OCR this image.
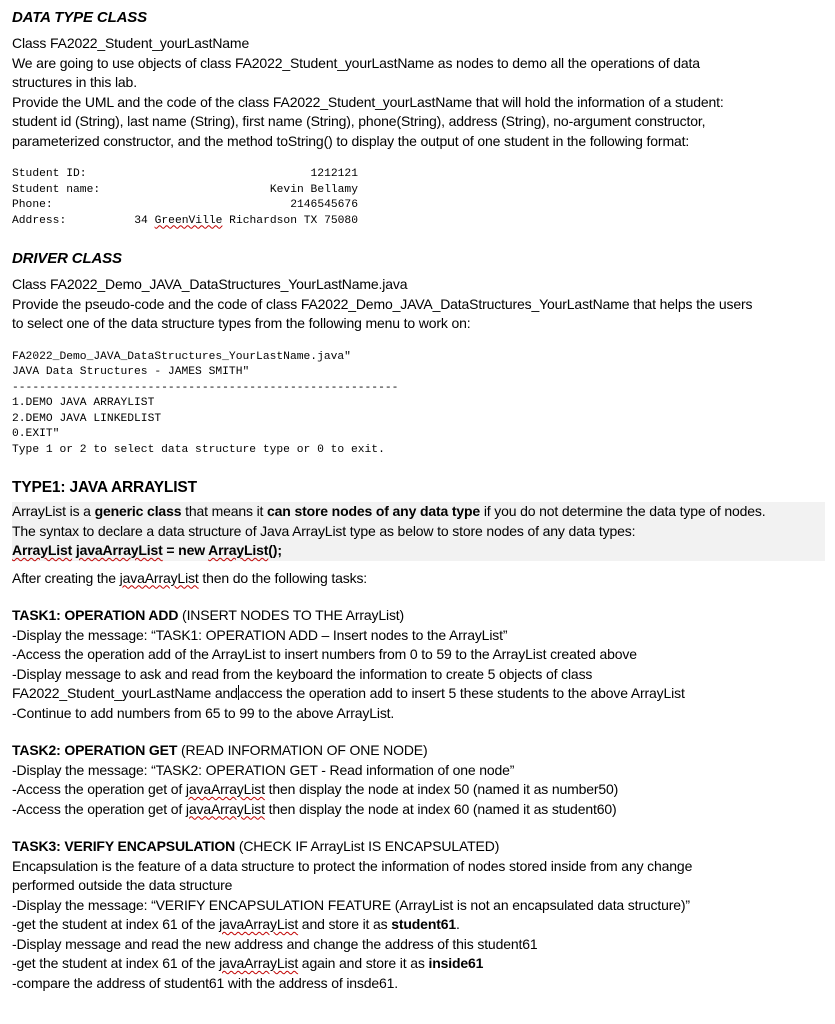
DATA TYPE CLASS

Class FA2022_Student_yourLastName

We are going to use objects of class FA2022_Student_yourLastName as nodes to demo all the operations of data

structures in this lab.

Provide the UML and the code of the class FA2022_Student_yourLastName that will hold the information of a student:

student id (String), last name (String), first name (String), phone(String), address (String), no-argument constructor,

parameterized constructor, and the method toString() to display the output of one student in the following format:

Student ID:	1212121
Student name:	Kevin Bellamy
Phone:	2146545676
Address:	34 GreenVille Richardson TX 75080

DRIVER CLASS

Class FA2022_Demo_JAVA_DataStructures_YourLastName.java

Provide the pseudo-code and the code of class FA2022_Demo_JAVA_DataStructures_YourLastName that helps the users

to select one of the data structure types from the following menu to work on:

FA2022_Demo_JAVA_DataStructures_YourLastName.java"

JAVA Data Structures - JAMES SMITH"

---------------------------------------------------------

1.DEMO JAVA ARRAYLIST

2.DEMO JAVA LINKEDLIST

0.EXIT"

Type 1 or 2 to select data structure type or 0 to exit.

TYPE1: JAVA ARRAYLIST

ArrayList is a generic class that means it can store nodes of any data type if you do not determine the data type of nodes.

The syntax to declare a data structure of Java ArrayList type as below to store nodes of any data types:

ArrayList javaArrayList = new ArrayList();

After creating the javaArrayList then do the following tasks:

TASK1: OPERATION ADD (INSERT NODES TO THE ArrayList)

-Display the message: “TASK1: OPERATION ADD – Insert nodes to the ArrayList”

-Access the operation add of the ArrayList to insert numbers from 0 to 59 to the ArrayList created above

-Display message to ask and read from the keyboard the information to create 5 objects of class

FA2022_Student_yourLastName and access the operation add to insert 5 these students to the above ArrayList

-Continue to add numbers from 65 to 99 to the above ArrayList.

TASK2: OPERATION GET (READ INFORMATION OF ONE NODE)

-Display the message: “TASK2: OPERATION GET - Read information of one node”

-Access the operation get of javaArrayList then display the node at index 50 (named it as number50)

-Access the operation get of javaArrayList then display the node at index 60 (named it as student60)

TASK3: VERIFY ENCAPSULATION (CHECK IF ArrayList IS ENCAPSULATED)

Encapsulation is the feature of a data structure to protect the information of nodes stored inside from any change

performed outside the data structure

-Display the message: “VERIFY ENCAPSULATION FEATURE (ArrayList is not an encapsulated data structure)”

-get the student at index 61 of the javaArrayList and store it as student61.

-Display message and read the new address and change the address of this student61

-get the student at index 61 of the javaArrayList again and store it as inside61

-compare the address of student61 with the address of insde61.
